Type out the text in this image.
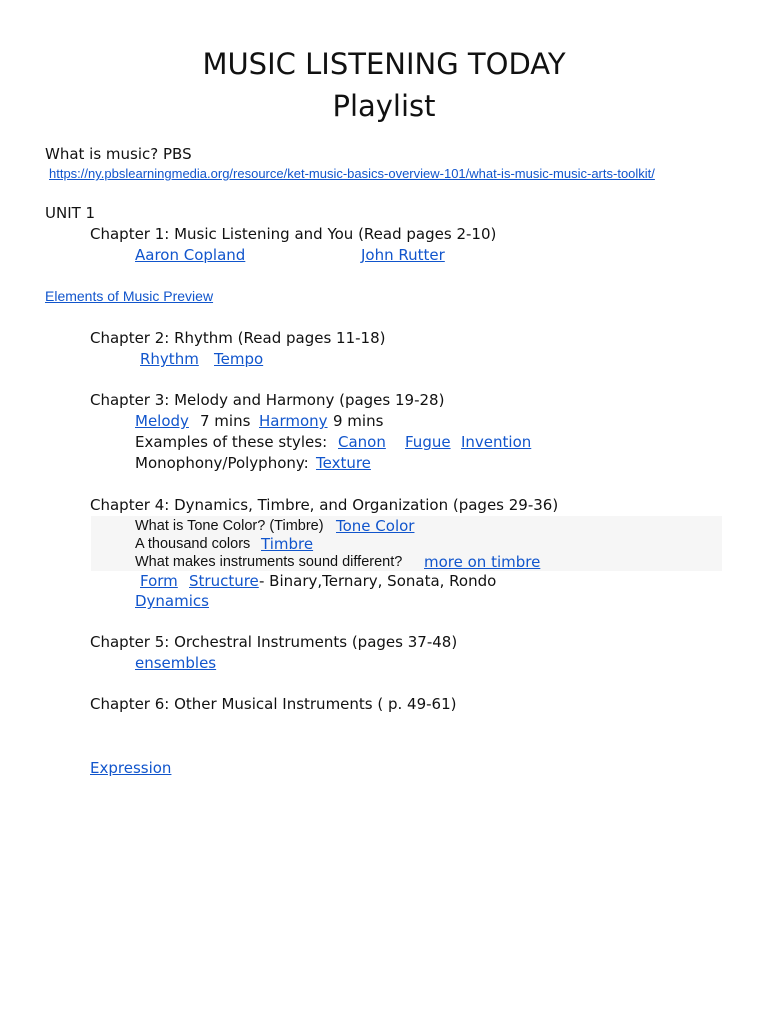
MUSIC LISTENING TODAY
Playlist
What is music? PBS
https://ny.pbslearningmedia.org/resource/ket-music-basics-overview-101/what-is-music-music-arts-toolkit/
UNIT 1
Chapter 1: Music Listening and You (Read pages 2-10)
Aaron Copland	John Rutter
Elements of Music Preview
Chapter 2: Rhythm (Read pages 11-18)
Rhythm Tempo
Chapter 3: Melody and Harmony (pages 19-28)
Melody 7 mins Harmony 9 mins
Examples of these styles: Canon Fugue Invention
Monophony/Polyphony: Texture
Chapter 4: Dynamics, Timbre, and Organization (pages 29-36)
What is Tone Color? (Timbre) Tone Color
A thousand colors Timbre
What makes instruments sound different? more on timbre
Form Structure - Binary,Ternary, Sonata, Rondo
Dynamics
Chapter 5: Orchestral Instruments (pages 37-48)
ensembles
Chapter 6: Other Musical Instruments ( p. 49-61)
Expression
